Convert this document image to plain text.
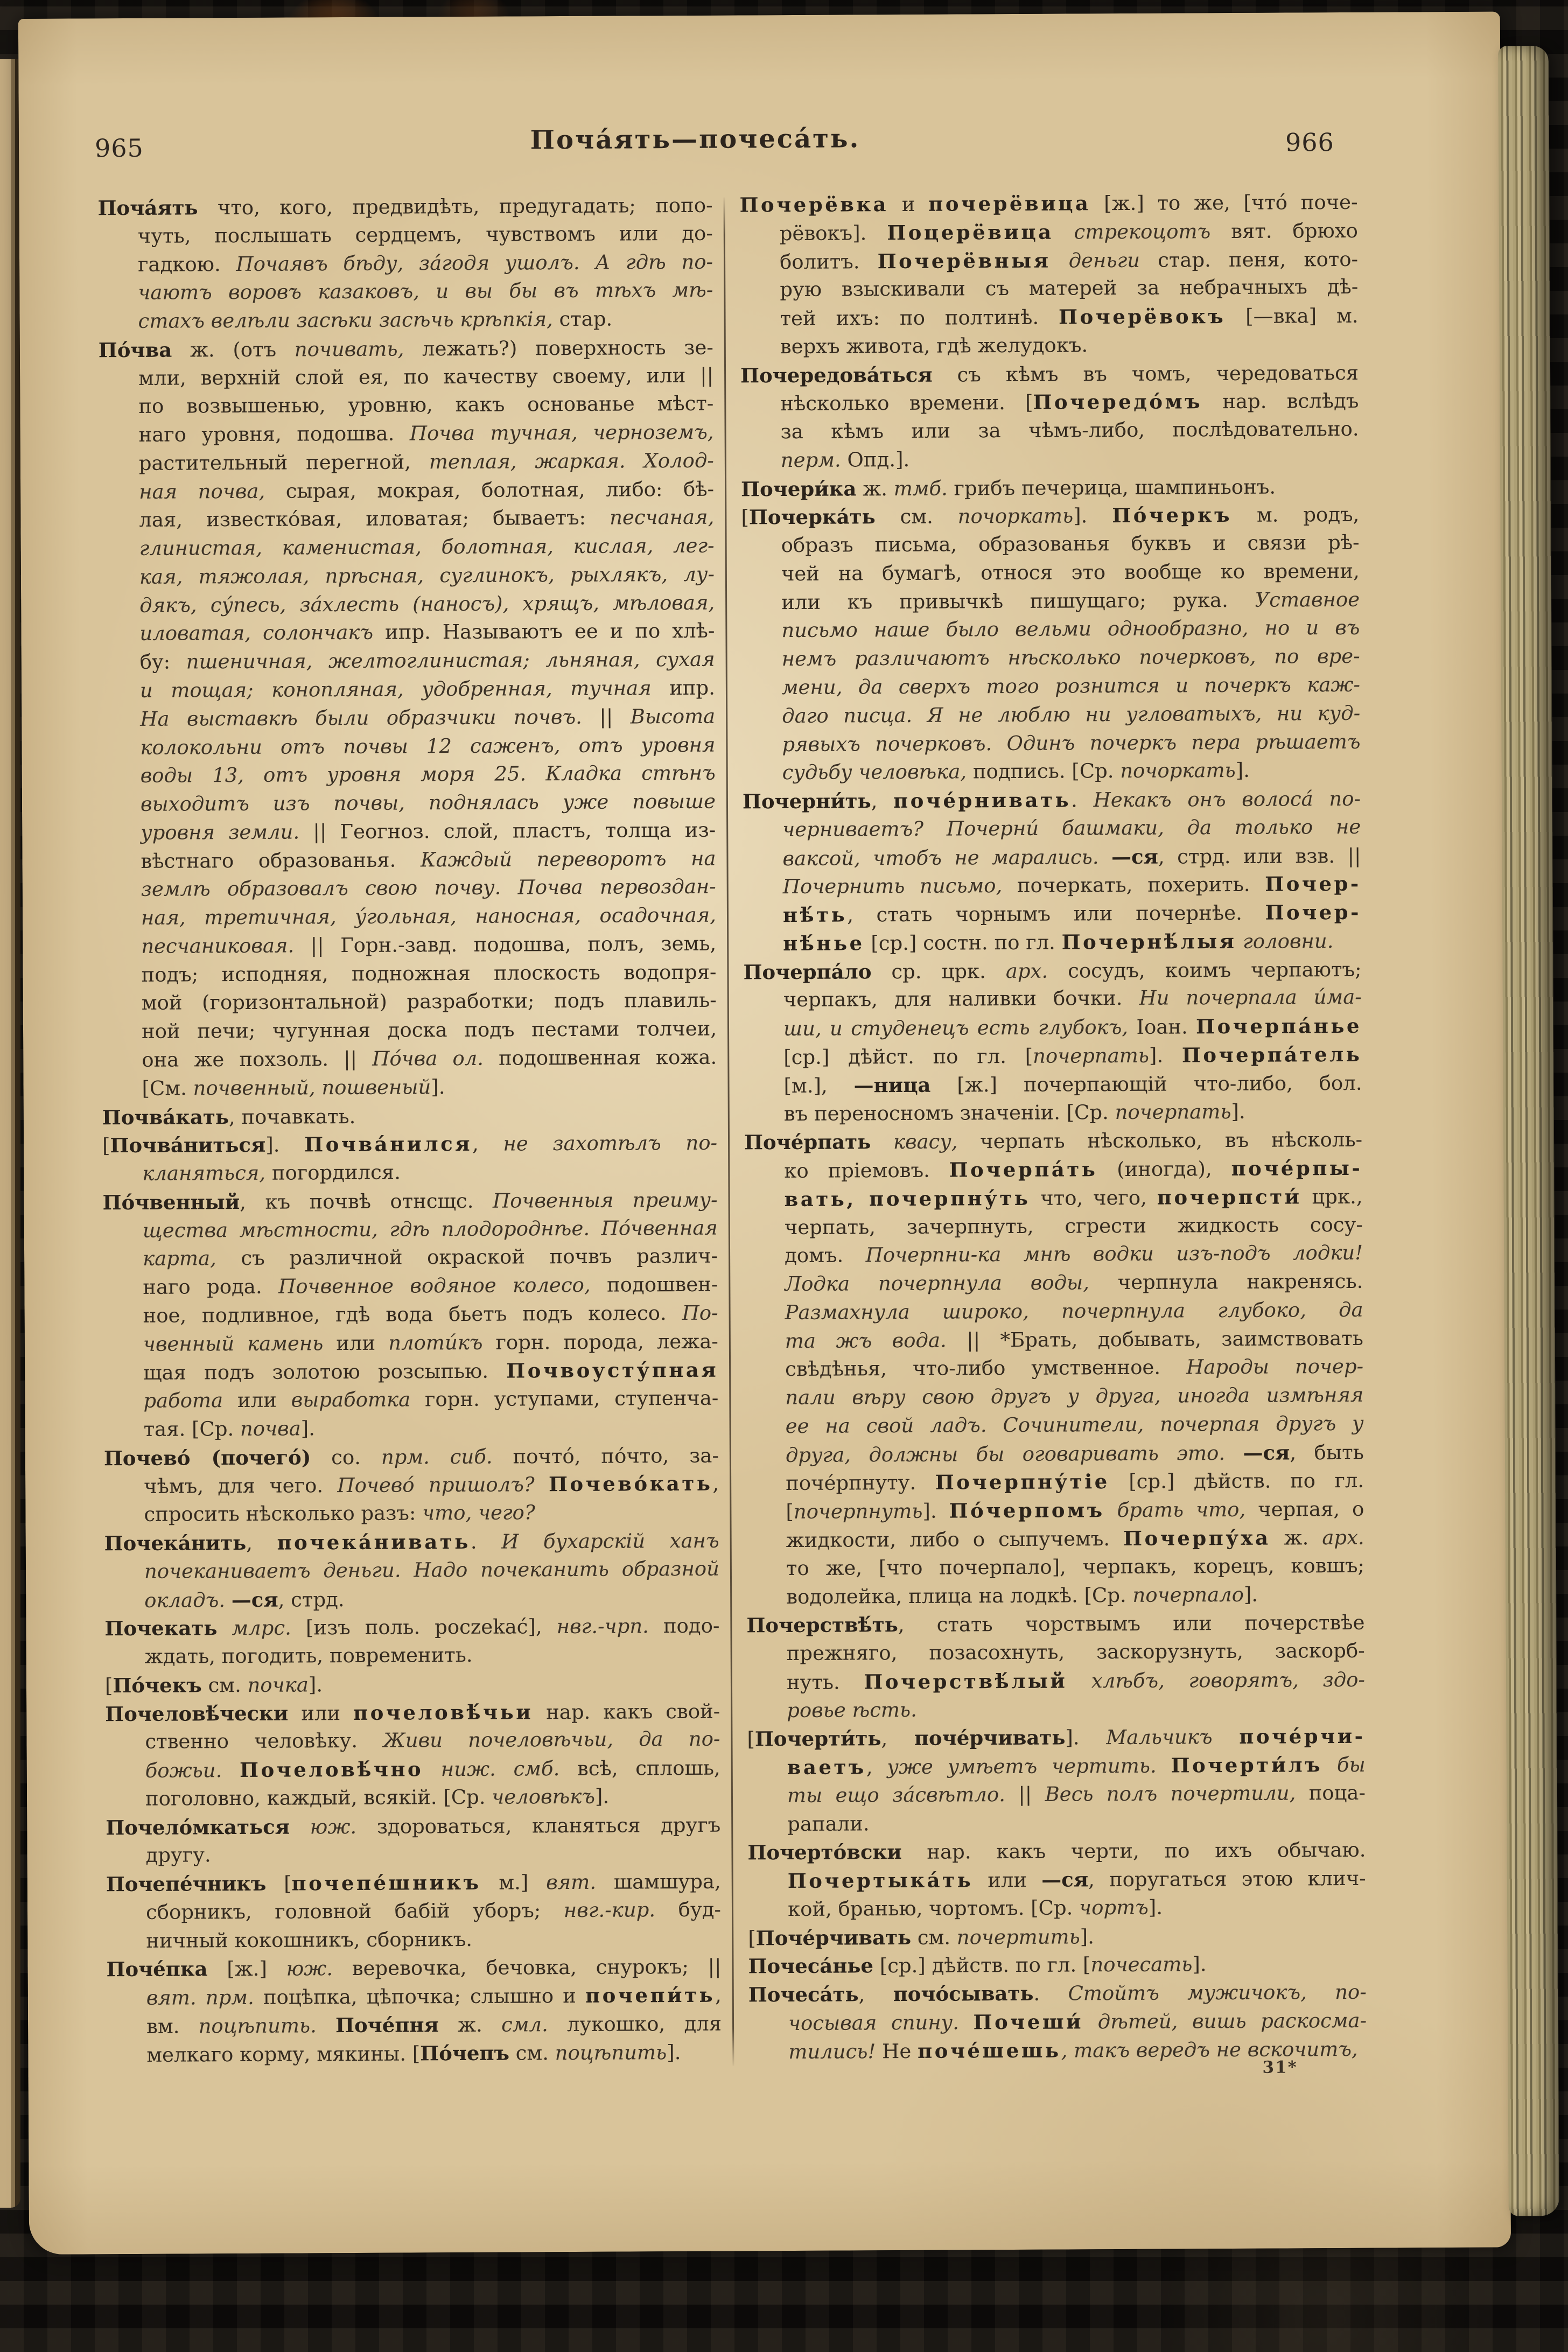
965	Поча́ять—почеса́ть.	966
Поча́ять что, кого, предвидѣть, предугадать; попо-
чуть, послышать сердцемъ, чувствомъ или до-
гадкою. Почаявъ бѣду, за́годя ушолъ. А гдѣ по-
чаютъ воровъ казаковъ, и вы бы въ тѣхъ мѣ-
стахъ велѣли засѣки засѣчь крѣпкія, стар.
По́чва ж. (отъ почивать, лежать?) поверхность зе-
мли, верхній слой ея, по качеству своему, или ||
по возвышенью, уровню, какъ основанье мѣст-
наго уровня, подошва. Почва тучная, черноземъ,
растительный перегной, теплая, жаркая. Холод-
ная почва, сырая, мокрая, болотная, либо: бѣ-
лая, известко́вая, иловатая; бываетъ: песчаная,
глинистая, каменистая, болотная, кислая, лег-
кая, тяжолая, прѣсная, суглинокъ, рыхлякъ, лу-
дякъ, су́песь, за́хлесть (наносъ), хрящъ, мѣловая,
иловатая, солончакъ ипр. Называютъ ее и по хлѣ-
бу: пшеничная, желтоглинистая; льняная, сухая
и тощая; конопляная, удобренная, тучная ипр.
На выставкѣ были образчики почвъ. || Высота
колокольни отъ почвы 12 саженъ, отъ уровня
воды 13, отъ уровня моря 25. Кладка стѣнъ
выходитъ изъ почвы, поднялась уже повыше
уровня земли. || Геогноз. слой, пластъ, толща из-
вѣстнаго образованья. Каждый переворотъ на
землѣ образовалъ свою почву. Почва первоздан-
ная, третичная, у́гольная, наносная, осадочная,
песчаниковая. || Горн.-завд. подошва, полъ, земь,
подъ; исподняя, подножная плоскость водопря-
мой (горизонтальной) разработки; подъ плавиль-
ной печи; чугунная доска подъ пестами толчеи,
она же похзоль. || По́чва ол. подошвенная кожа.
[См. почвенный, пошвеный].
Почва́кать, почавкать.
[Почва́ниться]. Почва́нился, не захотѣлъ по-
кланяться, погордился.
По́чвенный, къ почвѣ отнсщс. Почвенныя преиму-
щества мѣстности, гдѣ плодороднѣе. По́чвенная
карта, съ различной окраской почвъ различ-
наго рода. Почвенное водяное колесо, подошвен-
ное, подливное, гдѣ вода бьетъ подъ колесо. По-
чвенный камень или плоти́къ горн. порода, лежа-
щая подъ золотою розсыпью. Почвоусту́пная
работа или выработка горн. уступами, ступенча-
тая. [Ср. почва].
Почево́ (почего́) со. прм. сиб. почто́, по́что, за-
чѣмъ, для чего. Почево́ пришолъ? Почево́кать,
спросить нѣсколько разъ: что, чего?
Почека́нить, почека́нивать. И бухарскій ханъ
почеканиваетъ деньги. Надо почеканить образной
окладъ. —ся, стрд.
Почекать млрс. [изъ поль. poczekać], нвг.-чрп. подо-
ждать, погодить, повременить.
[По́чекъ см. почка].
Почеловѣ́чески или почеловѣ́чьи нар. какъ свой-
ственно человѣку. Живи почеловѣчьи, да по-
божьи. Почеловѣ́чно ниж. смб. всѣ, сплошь,
поголовно, каждый, всякій. [Ср. человѣкъ].
Почело́мкаться юж. здороваться, кланяться другъ
другу.
Почепе́чникъ [почепе́шникъ м.] вят. шамшура,
сборникъ, головной бабій уборъ; нвг.-кир. буд-
ничный кокошникъ, сборникъ.
Поче́пка [ж.] юж. веревочка, бечовка, снурокъ; ||
вят. прм. поцѣпка, цѣпочка; слышно и почепи́ть,
вм. поцѣпить. Поче́пня ж. смл. лукошко, для
мелкаго корму, мякины. [По́чепъ см. поцѣпить].
Почерёвка и почерёвица [ж.] то же, [что́ поче-
рёвокъ]. Поцерёвица стрекоцотъ вят. брюхо
болитъ. Почерёвныя деньги стар. пеня, кото-
рую взыскивали съ матерей за небрачныхъ дѣ-
тей ихъ: по полтинѣ. Почерёвокъ [—вка] м.
верхъ живота, гдѣ желудокъ.
Почередова́ться съ кѣмъ въ чомъ, чередоваться
нѣсколько времени. [Почередо́мъ нар. вслѣдъ
за кѣмъ или за чѣмъ-либо, послѣдовательно.
перм. Опд.].
Почери́ка ж. тмб. грибъ печерица, шампиньонъ.
[Почерка́ть см. почоркать]. По́черкъ м. родъ,
образъ письма, образованья буквъ и связи рѣ-
чей на бумагѣ, относя это вообще ко времени,
или къ привычкѣ пишущаго; рука. Уставное
письмо наше было вельми однообразно, но и въ
немъ различаютъ нѣсколько почерковъ, по вре-
мени, да сверхъ того рознится и почеркъ каж-
даго писца. Я не люблю ни угловатыхъ, ни куд-
рявыхъ почерковъ. Одинъ почеркъ пера рѣшаетъ
судьбу человѣка, подпись. [Ср. почоркать].
Почерни́ть, поче́рнивать. Некакъ онъ волоса́ по-
черниваетъ? Почерни́ башмаки, да только не
ваксой, чтобъ не марались. —ся, стрд. или взв. ||
Почернить письмо, почеркать, похерить. Почер-
нѣ́ть, стать чорнымъ или почернѣе. Почер-
нѣ́нье [ср.] состн. по гл. Почернѣ́лыя головни.
Почерпа́ло ср. црк. арх. сосудъ, коимъ черпаютъ;
черпакъ, для наливки бочки. Ни почерпала и́ма-
ши, и студенецъ есть глубокъ, Іоан. Почерпа́нье
[ср.] дѣйст. по гл. [почерпать]. Почерпа́тель
[м.], —ница [ж.] почерпающій что-либо, бол.
въ переносномъ значеніи. [Ср. почерпать].
Поче́рпать квасу, черпать нѣсколько, въ нѣсколь-
ко пріемовъ. Почерпа́ть (иногда), поче́рпы-
вать, почерпну́ть что, чего, почерпсти́ црк.,
черпать, зачерпнуть, сгрести жидкость сосу-
домъ. Почерпни-ка мнѣ водки изъ-подъ лодки!
Лодка почерпнула воды, черпнула накренясь.
Размахнула широко, почерпнула глубоко, да
та жъ вода. || *Брать, добывать, заимствовать
свѣдѣнья, что-либо умственное. Народы почер-
пали вѣру свою другъ у друга, иногда измѣняя
ее на свой ладъ. Сочинители, почерпая другъ у
друга, должны бы оговаривать это. —ся, быть
поче́рпнуту. Почерпну́тіе [ср.] дѣйств. по гл.
[почерпнуть]. По́черпомъ брать что, черпая, о
жидкости, либо о сыпучемъ. Почерпу́ха ж. арх.
то же, [что почерпало], черпакъ, корецъ, ковшъ;
водолейка, плица на лодкѣ. [Ср. почерпало].
Почерствѣ́ть, стать чорствымъ или почерствѣе
прежняго, позасохнуть, заскорузнуть, заскорб-
нуть. Почерствѣ́лый хлѣбъ, говорятъ, здо-
ровье ѣсть.
[Почерти́ть, поче́рчивать]. Мальчикъ поче́рчи-
ваетъ, уже умѣетъ чертить. Почерти́лъ бы
ты ещо за́свѣтло. || Весь полъ почертили, поца-
рапали.
Почерто́вски нар. какъ черти, по ихъ обычаю.
Почертыка́ть или —ся, поругаться этою клич-
кой, бранью, чортомъ. [Ср. чортъ].
[Поче́рчивать см. почертить].
Почеса́нье [ср.] дѣйств. по гл. [почесать].
Почеса́ть, почо́сывать. Стойтъ мужичокъ, по-
чосывая спину. Почеши́ дѣтей, вишь раскосма-
тились! Не поче́шешь, такъ вередъ не вскочитъ,
31*
